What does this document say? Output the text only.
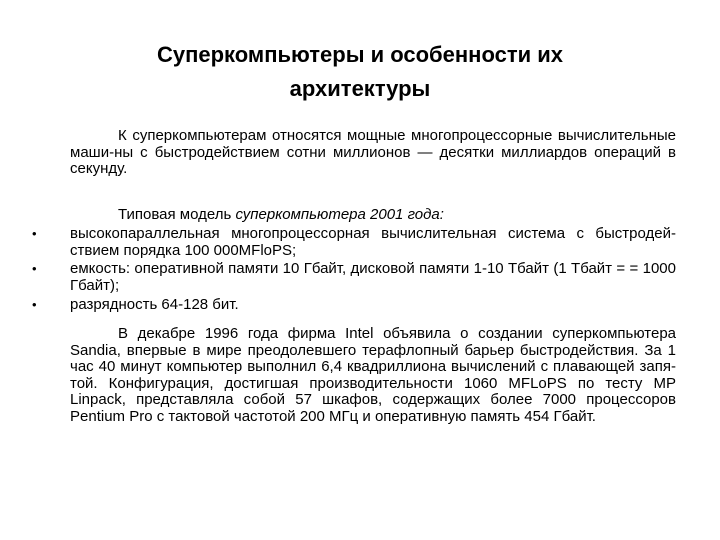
Суперкомпьютеры и особенности их
архитектуры
К суперкомпьютерам относятся мощные многопроцессорные вычислительные маши-ны с быстродействием сотни миллионов — десятки миллиардов операций в секунду.
Типовая модель суперкомпьютера 2001 года:
• высокопараллельная многопроцессорная вычислительная система с быстродей-ствием порядка 100 000MFloPS;
• емкость: оперативной памяти 10 Гбайт, дисковой памяти 1-10 Тбайт (1 Тбайт = = 1000 Гбайт);
• разрядность 64-128 бит.
В декабре 1996 года фирма Intel объявила о создании суперкомпьютера Sandia, впервые в мире преодолевшего терафлопный барьер быстродействия. За 1 час 40 минут компьютер выполнил 6,4 квадриллиона вычислений с плавающей запя-той. Конфигурация, достигшая производительности 1060 MFLoPS по тесту MP Linpack, представляла собой 57 шкафов, содержащих более 7000 процессоров Pentium Pro с тактовой частотой 200 МГц и оперативную память 454 Гбайт.
